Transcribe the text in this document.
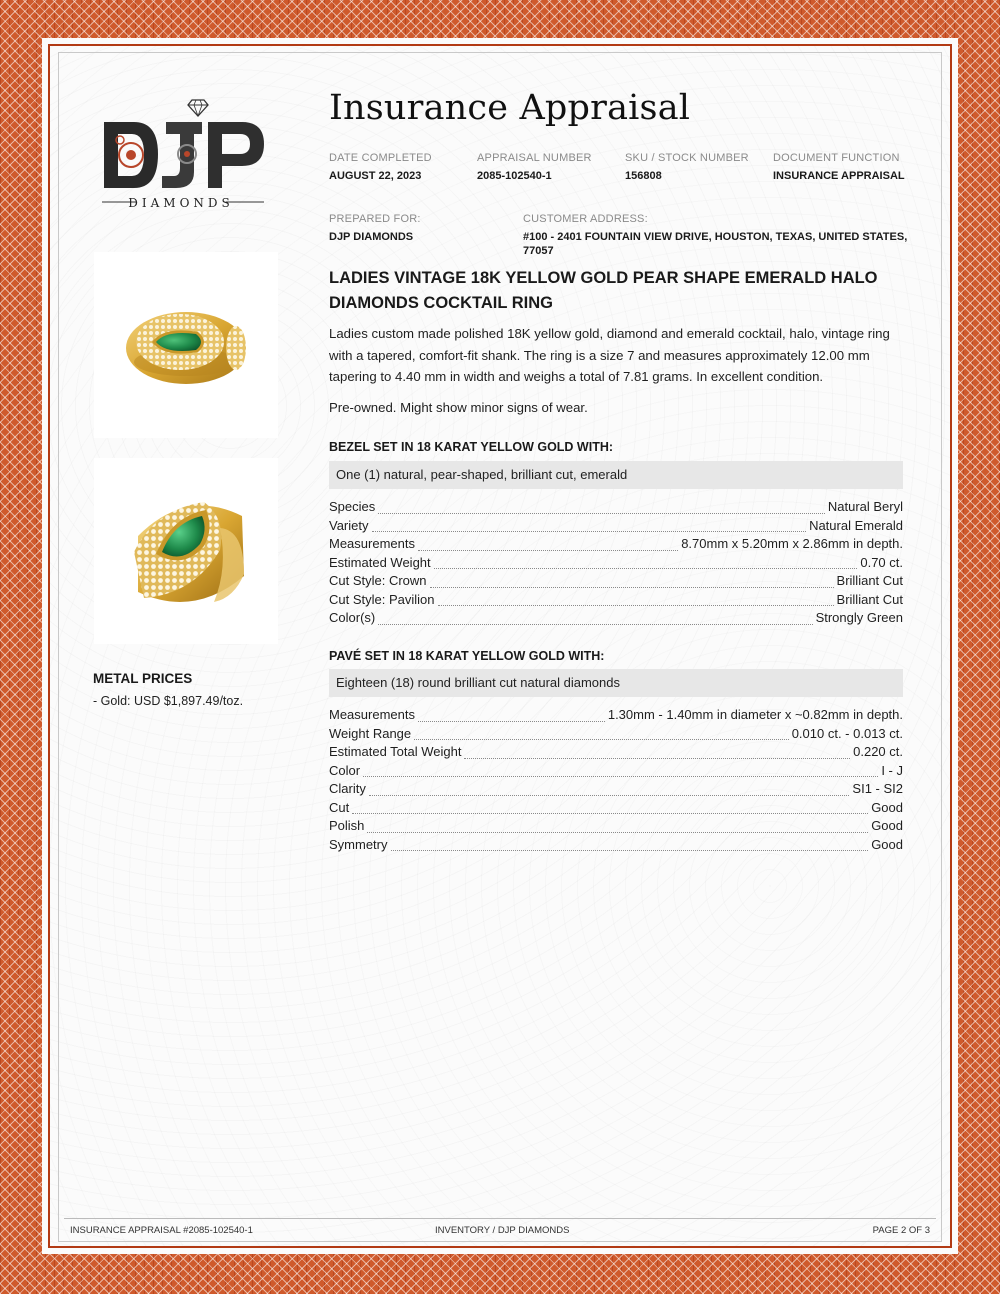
DIAMONDS
METAL PRICES
- Gold: USD $1,897.49/toz.
Insurance Appraisal
DATE COMPLETED
AUGUST 22, 2023
APPRAISAL NUMBER
2085-102540-1
SKU / STOCK NUMBER
156808
DOCUMENT FUNCTION
INSURANCE APPRAISAL
PREPARED FOR:
DJP DIAMONDS
CUSTOMER ADDRESS:
#100 - 2401 FOUNTAIN VIEW DRIVE, HOUSTON, TEXAS, UNITED STATES,
77057
LADIES VINTAGE 18K YELLOW GOLD PEAR SHAPE EMERALD HALO
DIAMONDS COCKTAIL RING
Ladies custom made polished 18K yellow gold, diamond and emerald cocktail, halo, vintage ring with a tapered, comfort-fit shank. The ring is a size 7 and measures approximately 12.00 mm tapering to 4.40 mm in width and weighs a total of 7.81 grams. In excellent condition.
Pre-owned. Might show minor signs of wear.
BEZEL SET IN 18 KARAT YELLOW GOLD WITH:
One (1) natural, pear-shaped, brilliant cut, emerald
Species	Natural Beryl
Variety	Natural Emerald
Measurements	8.70mm x 5.20mm x 2.86mm in depth.
Estimated Weight	0.70 ct.
Cut Style: Crown	Brilliant Cut
Cut Style: Pavilion	Brilliant Cut
Color(s)	Strongly Green
PAVÉ SET IN 18 KARAT YELLOW GOLD WITH:
Eighteen (18) round brilliant cut natural diamonds
Measurements	1.30mm - 1.40mm in diameter x ~0.82mm in depth.
Weight Range	0.010 ct. - 0.013 ct.
Estimated Total Weight	0.220 ct.
Color	I - J
Clarity	SI1 - SI2
Cut	Good
Polish	Good
Symmetry	Good
INSURANCE APPRAISAL #2085-102540-1	INVENTORY / DJP DIAMONDS	PAGE 2 OF 3
